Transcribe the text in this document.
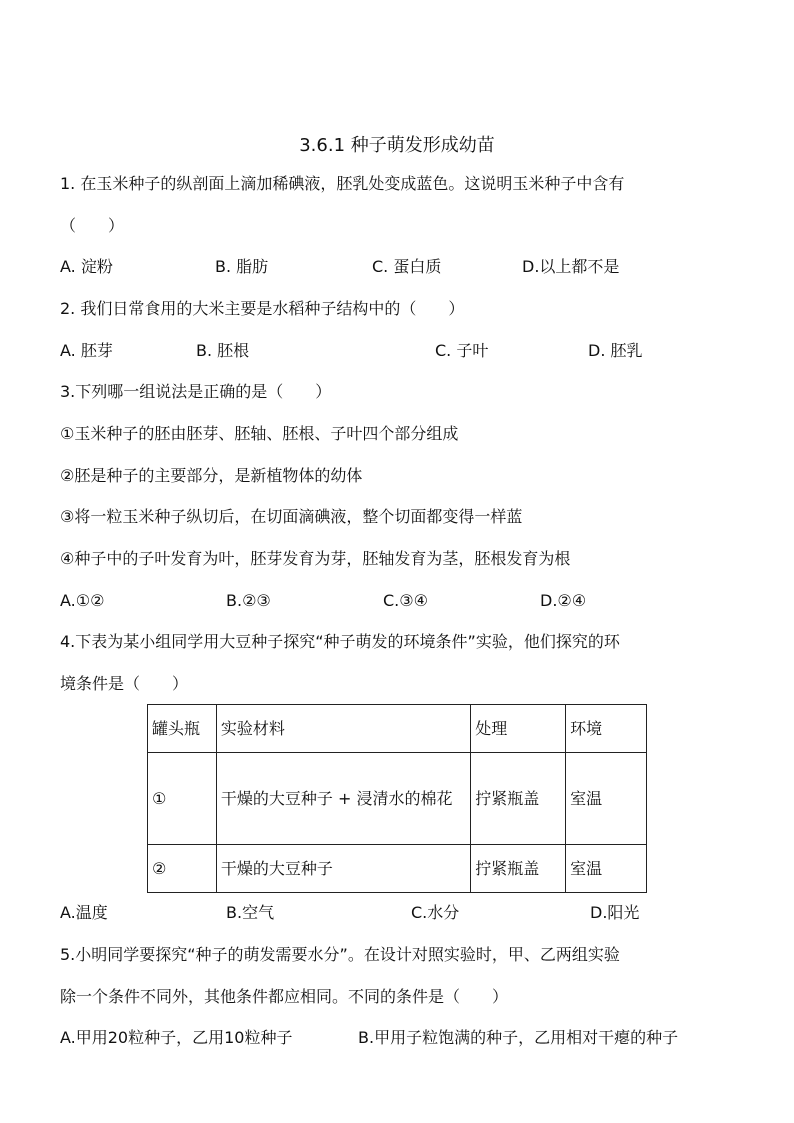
3.6.1 种子萌发形成幼苗
1. 在玉米种子的纵剖面上滴加稀碘液，胚乳处变成蓝色。这说明玉米种子中含有
（　　）
A. 淀粉	B. 脂肪	C. 蛋白质	D.以上都不是
2. 我们日常食用的大米主要是水稻种子结构中的（　　）
A. 胚芽	B. 胚根	C. 子叶	D. 胚乳
3.下列哪一组说法是正确的是（　　）
①玉米种子的胚由胚芽、胚轴、胚根、子叶四个部分组成
②胚是种子的主要部分，是新植物体的幼体
③将一粒玉米种子纵切后，在切面滴碘液，整个切面都变得一样蓝
④种子中的子叶发育为叶，胚芽发育为芽，胚轴发育为茎，胚根发育为根
A.①②	B.②③	C.③④	D.②④
4.下表为某小组同学用大豆种子探究“种子萌发的环境条件”实验，他们探究的环
境条件是（　　）
罐头瓶	实验材料	处理	环境
①	干燥的大豆种子 + 浸清水的棉花	拧紧瓶盖	室温
②	干燥的大豆种子	拧紧瓶盖	室温
A.温度	B.空气	C.水分	D.阳光
5.小明同学要探究“种子的萌发需要水分”。在设计对照实验时，甲、乙两组实验
除一个条件不同外，其他条件都应相同。不同的条件是（　　）
A.甲用20粒种子，乙用10粒种子	B.甲用子粒饱满的种子，乙用相对干瘪的种子
